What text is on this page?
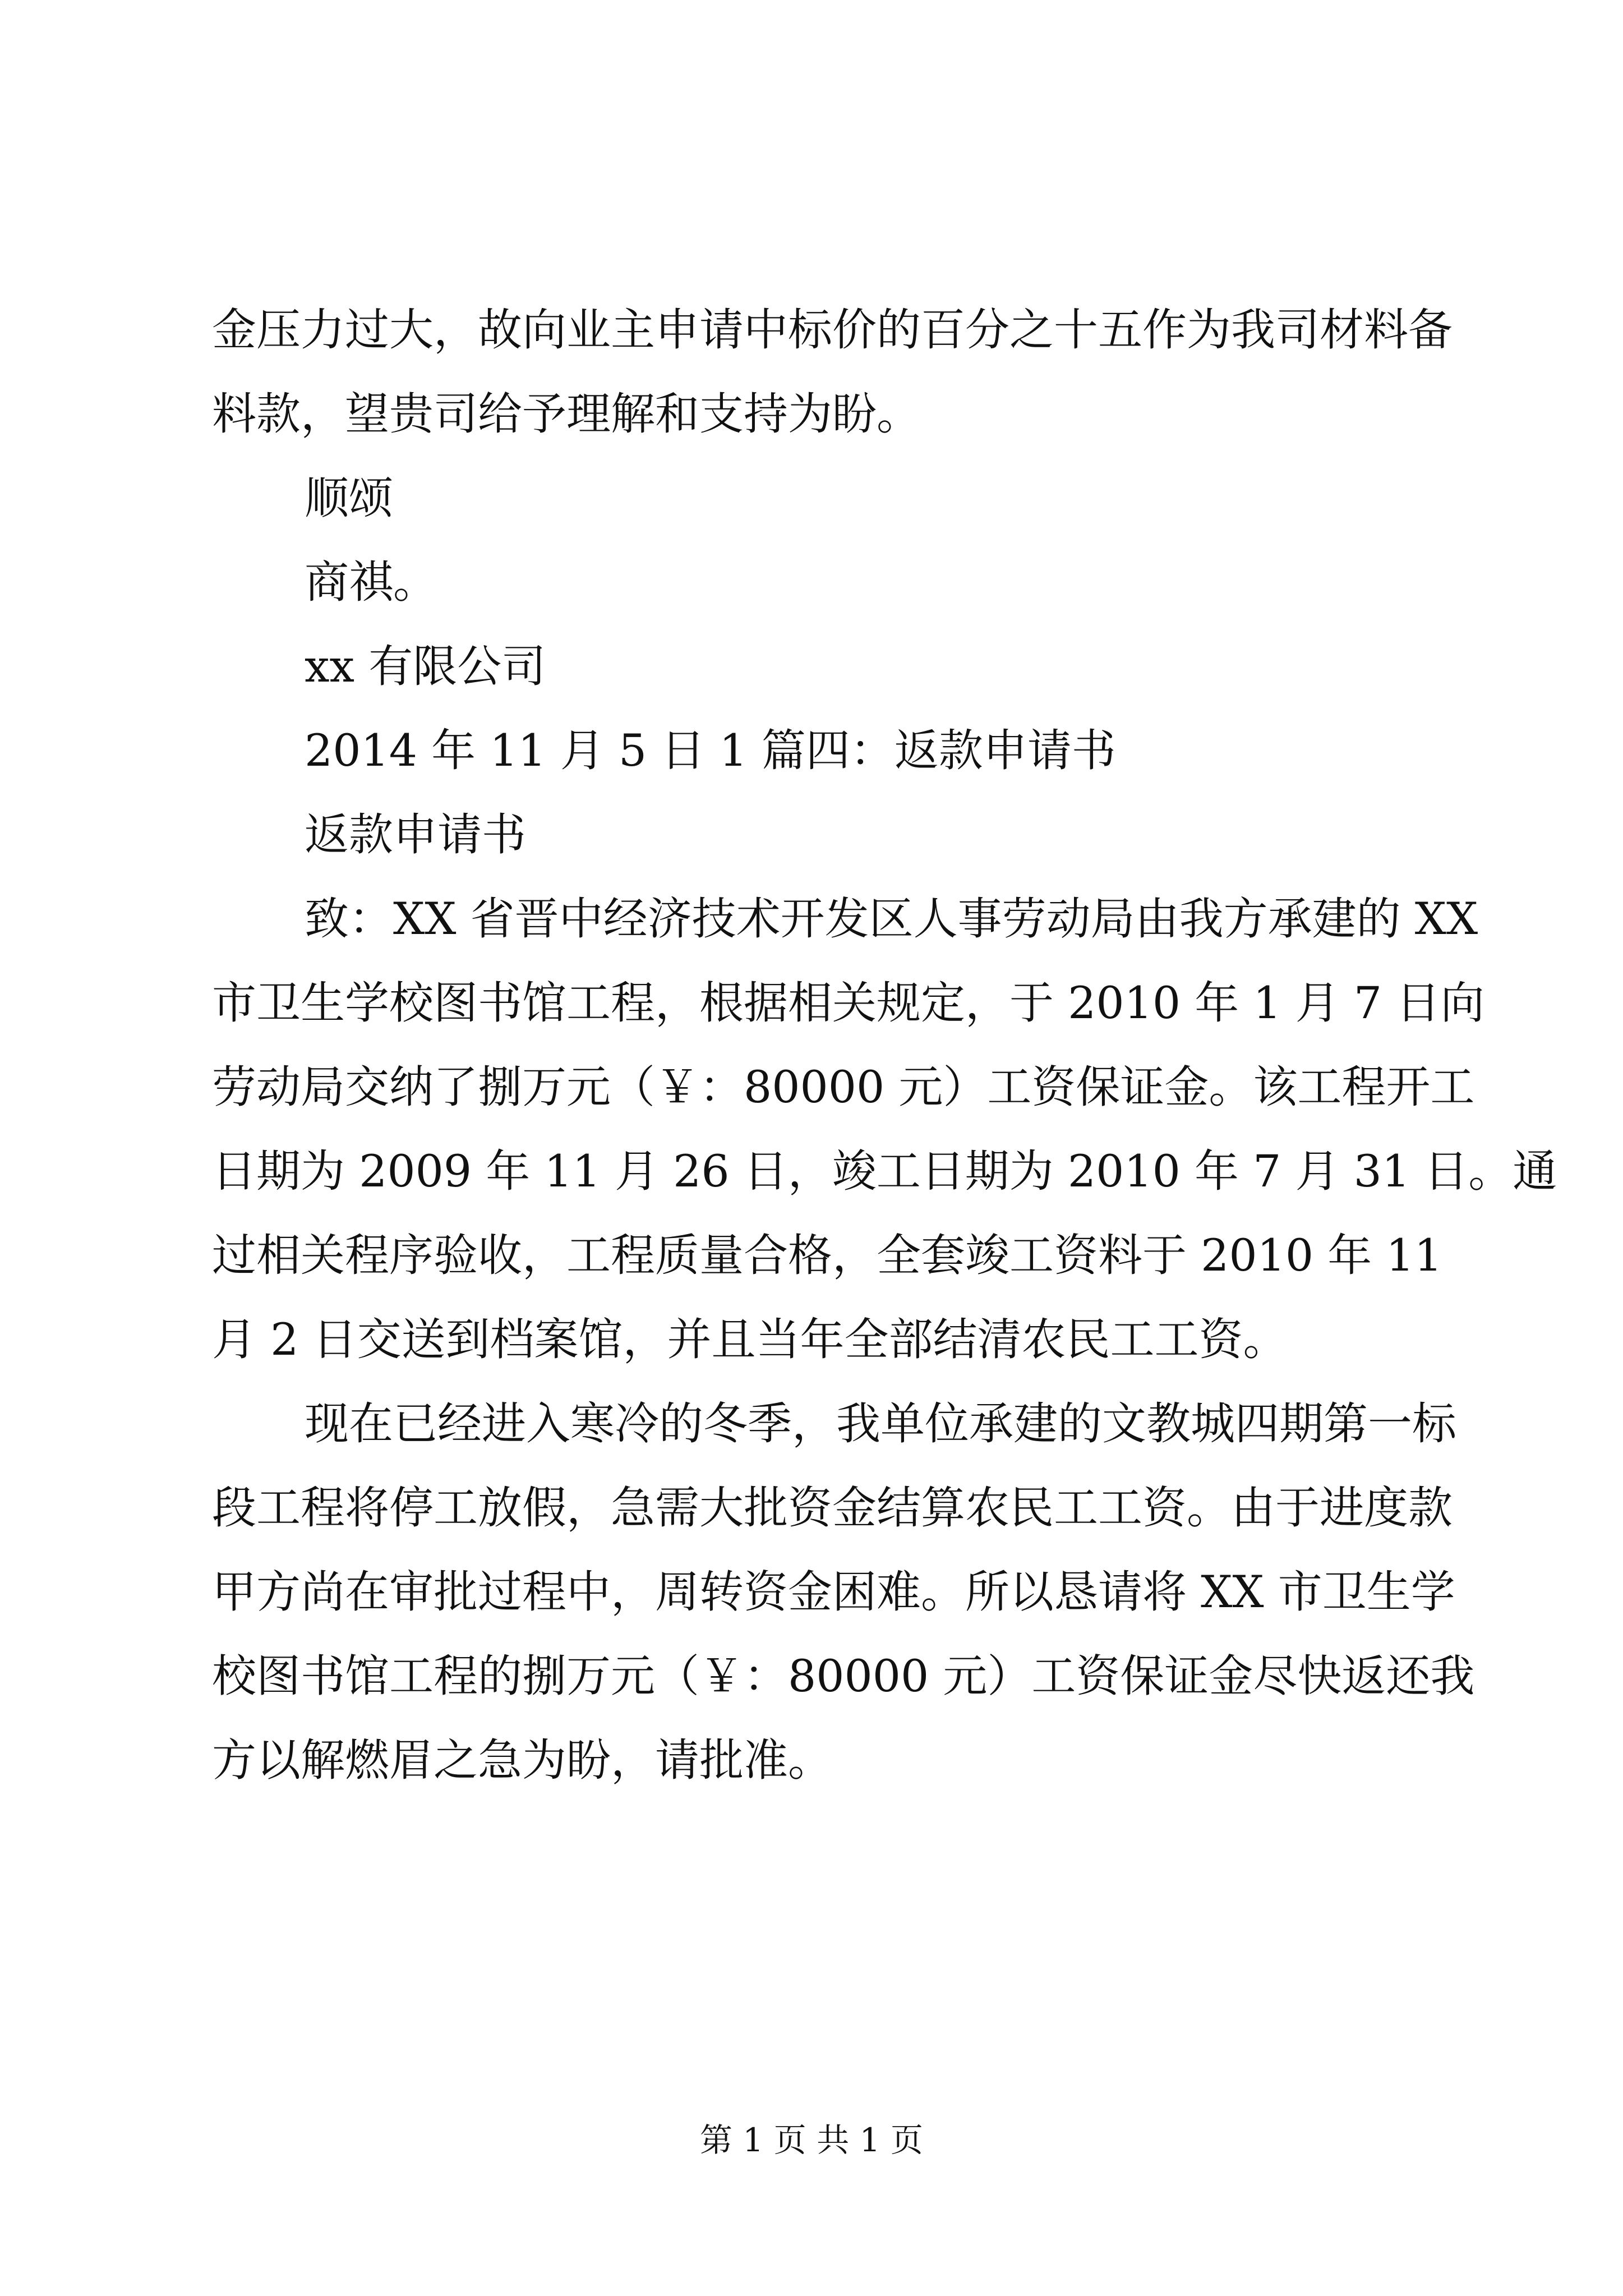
金压力过大，故向业主申请中标价的百分之十五作为我司材料备
料款，望贵司给予理解和支持为盼。
顺颂
商祺。
xx 有限公司
2014 年 11 月 5 日 1 篇四：返款申请书
返款申请书
致：XX 省晋中经济技术开发区人事劳动局由我方承建的 XX
市卫生学校图书馆工程，根据相关规定，于 2010 年 1 月 7 日向
劳动局交纳了捌万元（￥：80000 元）工资保证金。该工程开工
日期为 2009 年 11 月 26 日，竣工日期为 2010 年 7 月 31 日。通
过相关程序验收，工程质量合格，全套竣工资料于 2010 年 11
月 2 日交送到档案馆，并且当年全部结清农民工工资。
现在已经进入寒冷的冬季，我单位承建的文教城四期第一标
段工程将停工放假，急需大批资金结算农民工工资。由于进度款
甲方尚在审批过程中，周转资金困难。所以恳请将 XX 市卫生学
校图书馆工程的捌万元（￥：80000 元）工资保证金尽快返还我
方以解燃眉之急为盼，请批准。
第 1 页 共 1 页
